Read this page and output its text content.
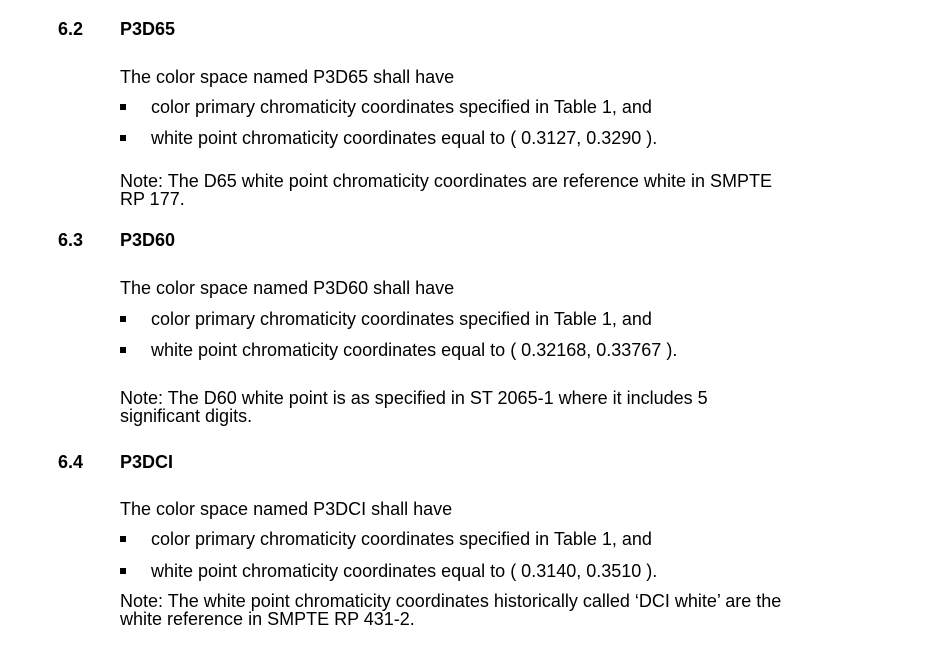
6.2 P3D65
The color space named P3D65 shall have
color primary chromaticity coordinates specified in Table 1, and
white point chromaticity coordinates equal to ( 0.3127, 0.3290 ).
Note: The D65 white point chromaticity coordinates are reference white in SMPTE
RP 177.
6.3 P3D60
The color space named P3D60 shall have
color primary chromaticity coordinates specified in Table 1, and
white point chromaticity coordinates equal to ( 0.32168, 0.33767 ).
Note: The D60 white point is as specified in ST 2065-1 where it includes 5
significant digits.
6.4 P3DCI
The color space named P3DCI shall have
color primary chromaticity coordinates specified in Table 1, and
white point chromaticity coordinates equal to ( 0.3140, 0.3510 ).
Note: The white point chromaticity coordinates historically called ‘DCI white’ are the
white reference in SMPTE RP 431-2.
